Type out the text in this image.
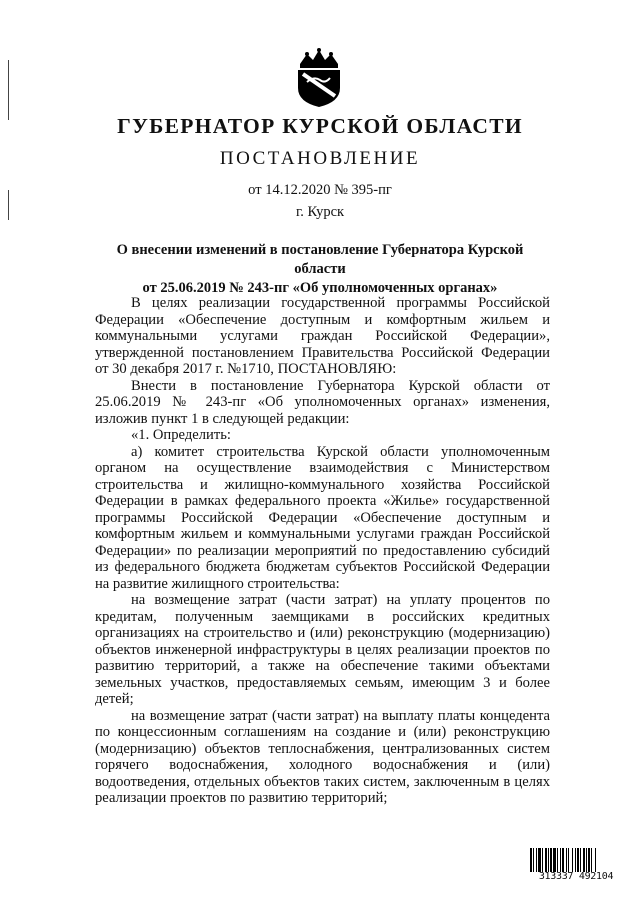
ГУБЕРНАТОР КУРСКОЙ ОБЛАСТИ
ПОСТАНОВЛЕНИЕ
от 14.12.2020 № 395-пг
г. Курск
О внесении изменений в постановление Губернатора Курской области
от 25.06.2019 № 243-пг «Об уполномоченных органах»

В целях реализации государственной программы Российской Федерации «Обеспечение доступным и комфортным жильем и коммунальными услугами граждан Российской Федерации», утвержденной постановлением Правительства Российской Федерации от 30 декабря 2017 г. №1710, ПОСТАНОВЛЯЮ:

Внести в постановление Губернатора Курской области от 25.06.2019 № 243-пг «Об уполномоченных органах» изменения, изложив пункт 1 в следующей редакции:

«1. Определить:

а) комитет строительства Курской области уполномоченным органом на осуществление взаимодействия с Министерством строительства и жилищно-коммунального хозяйства Российской Федерации в рамках федерального проекта «Жилье» государственной программы Российской Федерации «Обеспечение доступным и комфортным жильем и коммунальными услугами граждан Российской Федерации» по реализации мероприятий по предоставлению субсидий из федерального бюджета бюджетам субъектов Российской Федерации на развитие жилищного строительства:

на возмещение затрат (части затрат) на уплату процентов по кредитам, полученным заемщиками в российских кредитных организациях на строительство и (или) реконструкцию (модернизацию) объектов инженерной инфраструктуры в целях реализации проектов по развитию территорий, а также на обеспечение такими объектами земельных участков, предоставляемых семьям, имеющим 3 и более детей;

на возмещение затрат (части затрат) на выплату платы концедента по концессионным соглашениям на создание и (или) реконструкцию (модернизацию) объектов теплоснабжения, централизованных систем горячего водоснабжения, холодного водоснабжения и (или) водоотведения, отдельных объектов таких систем, заключенным в целях реализации проектов по развитию территорий;

313337 492104
